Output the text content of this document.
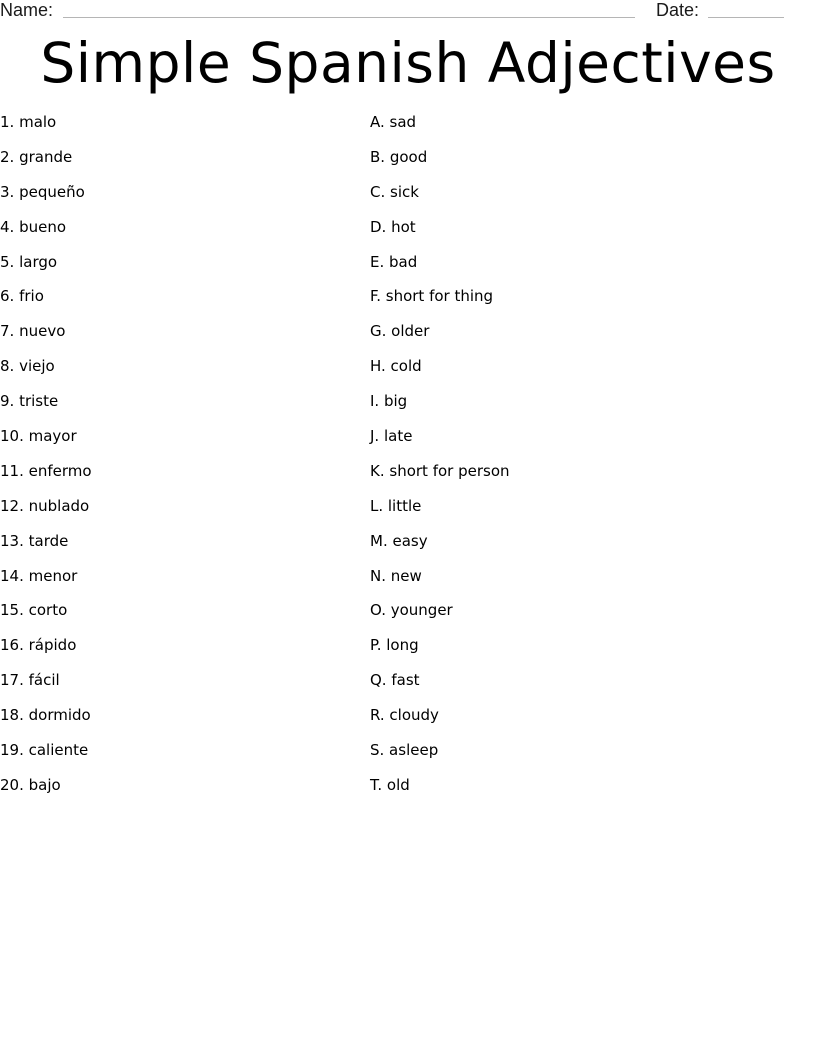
Name:	Date:
Simple Spanish Adjectives
1. malo
2. grande
3. pequeño
4. bueno
5. largo
6. frio
7. nuevo
8. viejo
9. triste
10. mayor
11. enfermo
12. nublado
13. tarde
14. menor
15. corto
16. rápido
17. fácil
18. dormido
19. caliente
20. bajo
A. sad
B. good
C. sick
D. hot
E. bad
F. short for thing
G. older
H. cold
I. big
J. late
K. short for person
L. little
M. easy
N. new
O. younger
P. long
Q. fast
R. cloudy
S. asleep
T. old
